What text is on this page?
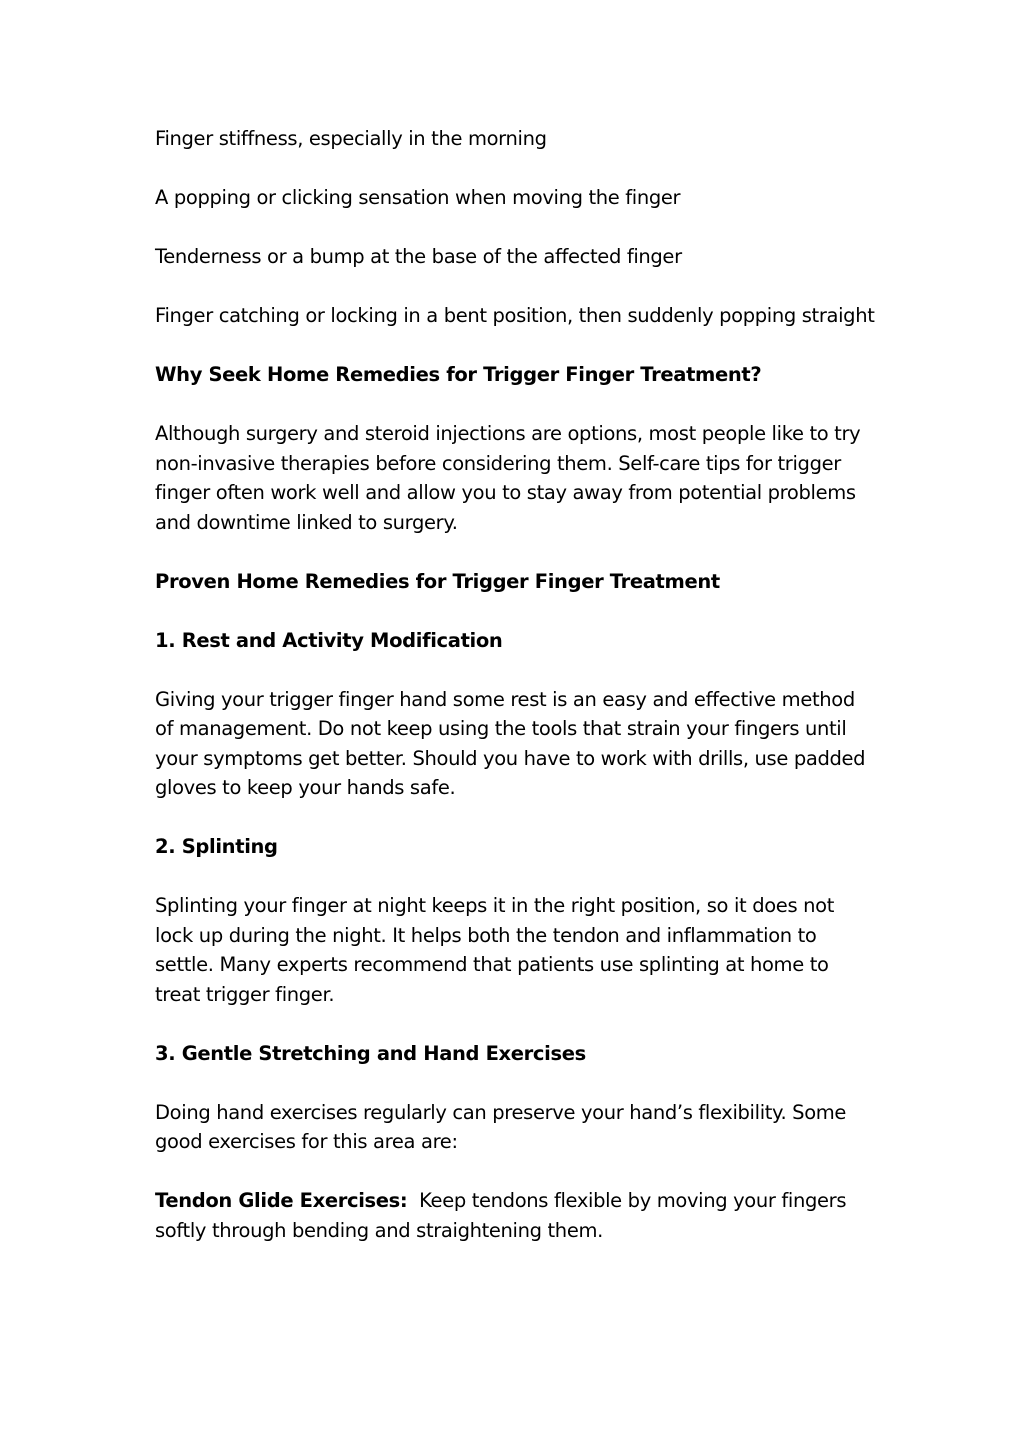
Finger stiffness, especially in the morning

A popping or clicking sensation when moving the finger

Tenderness or a bump at the base of the affected finger

Finger catching or locking in a bent position, then suddenly popping straight

Why Seek Home Remedies for Trigger Finger Treatment?

Although surgery and steroid injections are options, most people like to try non-invasive therapies before considering them. Self-care tips for trigger finger often work well and allow you to stay away from potential problems and downtime linked to surgery.

Proven Home Remedies for Trigger Finger Treatment

1. Rest and Activity Modification

Giving your trigger finger hand some rest is an easy and effective method of management. Do not keep using the tools that strain your fingers until your symptoms get better. Should you have to work with drills, use padded gloves to keep your hands safe.

2. Splinting

Splinting your finger at night keeps it in the right position, so it does not lock up during the night. It helps both the tendon and inflammation to settle. Many experts recommend that patients use splinting at home to treat trigger finger.

3. Gentle Stretching and Hand Exercises

Doing hand exercises regularly can preserve your hand’s flexibility. Some good exercises for this area are:

Tendon Glide Exercises: Keep tendons flexible by moving your fingers softly through bending and straightening them.
